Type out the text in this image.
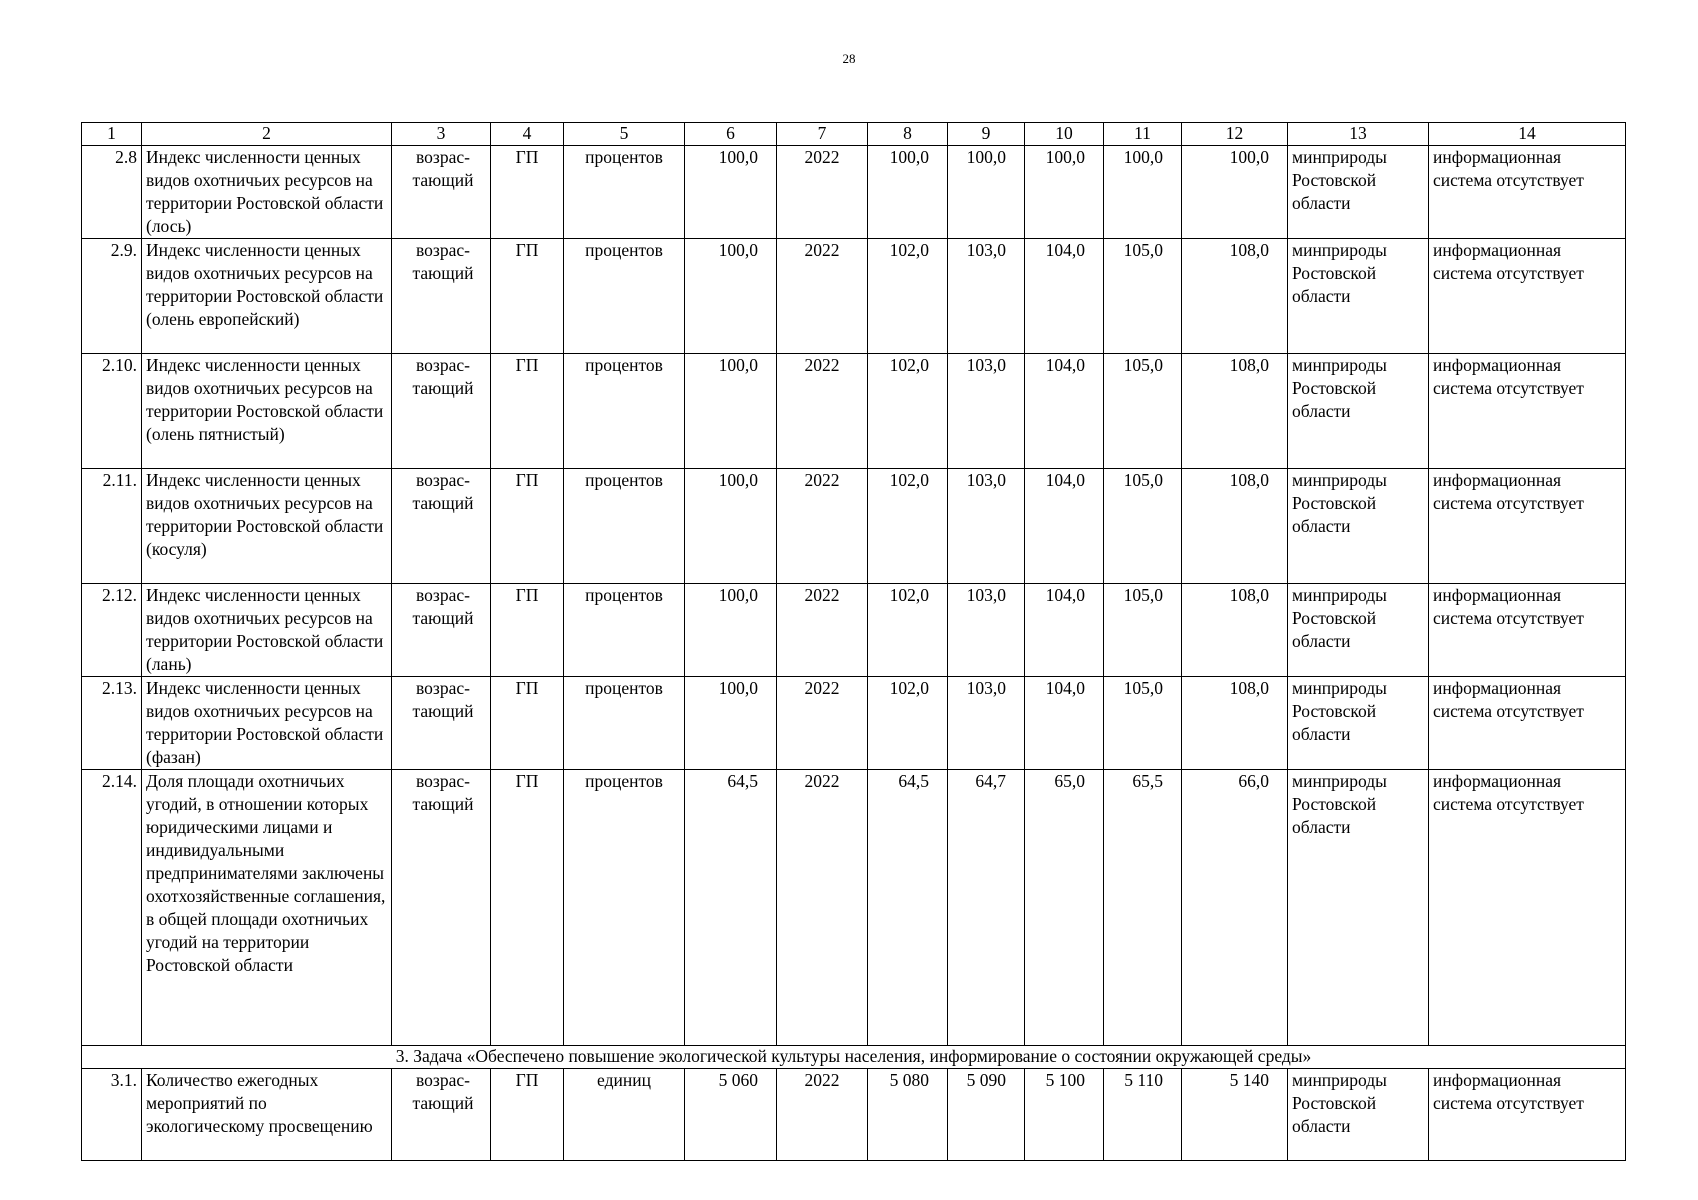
28
1	2	3	4	5	6	7	8	9	10	11	12	13	14
2.8	Индекс численности ценных видов охотничьих ресурсов на территории Ростовской области (лось)	возрас-тающий	ГП	процентов	100,0	2022	100,0	100,0	100,0	100,0	100,0	минприроды Ростовской области	информационная система отсутствует
2.9.	Индекс численности ценных видов охотничьих ресурсов на территории Ростовской области (олень европейский)	возрас-тающий	ГП	процентов	100,0	2022	102,0	103,0	104,0	105,0	108,0	минприроды Ростовской области	информационная система отсутствует
2.10.	Индекс численности ценных видов охотничьих ресурсов на территории Ростовской области (олень пятнистый)	возрас-тающий	ГП	процентов	100,0	2022	102,0	103,0	104,0	105,0	108,0	минприроды Ростовской области	информационная система отсутствует
2.11.	Индекс численности ценных видов охотничьих ресурсов на территории Ростовской области (косуля)	возрас-тающий	ГП	процентов	100,0	2022	102,0	103,0	104,0	105,0	108,0	минприроды Ростовской области	информационная система отсутствует
2.12.	Индекс численности ценных видов охотничьих ресурсов на территории Ростовской области (лань)	возрас-тающий	ГП	процентов	100,0	2022	102,0	103,0	104,0	105,0	108,0	минприроды Ростовской области	информационная система отсутствует
2.13.	Индекс численности ценных видов охотничьих ресурсов на территории Ростовской области (фазан)	возрас-тающий	ГП	процентов	100,0	2022	102,0	103,0	104,0	105,0	108,0	минприроды Ростовской области	информационная система отсутствует
2.14.	Доля площади охотничьих угодий, в отношении которых юридическими лицами и индивидуальными предпринимателями заключены охотхозяйственные соглашения, в общей площади охотничьих угодий на территории Ростовской области	возрас-тающий	ГП	процентов	64,5	2022	64,5	64,7	65,0	65,5	66,0	минприроды Ростовской области	информационная система отсутствует
3. Задача «Обеспечено повышение экологической культуры населения, информирование о состоянии окружающей среды»													
3.1.	Количество ежегодных мероприятий по экологическому просвещению	возрас-тающий	ГП	единиц	5 060	2022	5 080	5 090	5 100	5 110	5 140	минприроды Ростовской области	информационная система отсутствует
